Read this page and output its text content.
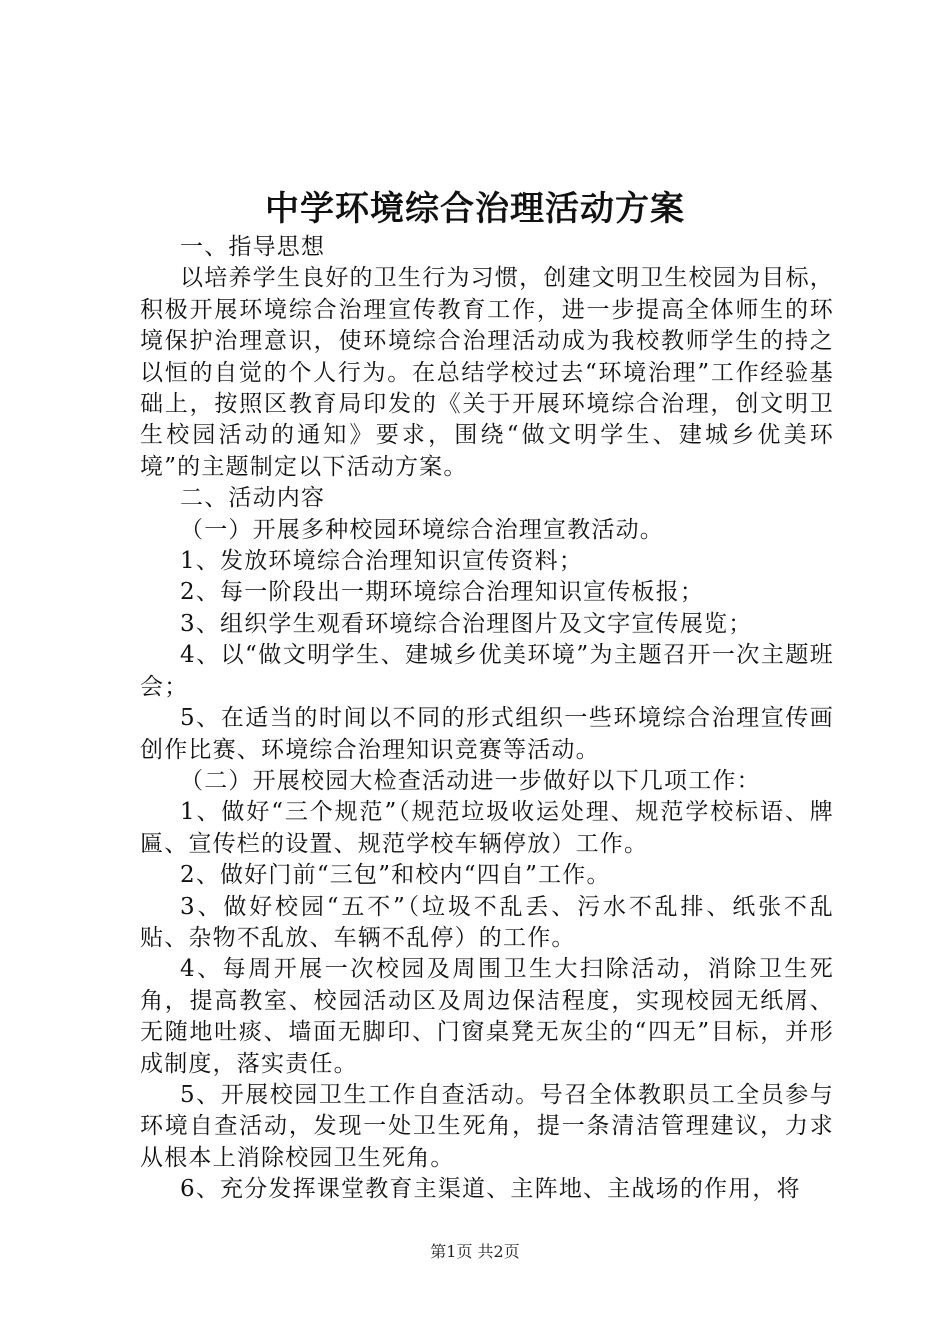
中学环境综合治理活动方案

一、指导思想

以培养学生良好的卫生行为习惯，创建文明卫生校园为目标，积极开展环境综合治理宣传教育工作，进一步提高全体师生的环境保护治理意识，使环境综合治理活动成为我校教师学生的持之以恒的自觉的个人行为。在总结学校过去“环境治理”工作经验基础上，按照区教育局印发的《关于开展环境综合治理，创文明卫生校园活动的通知》要求，围绕“做文明学生、建城乡优美环境”的主题制定以下活动方案。

二、活动内容

（一）开展多种校园环境综合治理宣教活动。

1、发放环境综合治理知识宣传资料；

2、每一阶段出一期环境综合治理知识宣传板报；

3、组织学生观看环境综合治理图片及文字宣传展览；

4、以“做文明学生、建城乡优美环境”为主题召开一次主题班会；

5、在适当的时间以不同的形式组织一些环境综合治理宣传画创作比赛、环境综合治理知识竞赛等活动。

（二）开展校园大检查活动进一步做好以下几项工作：

1、做好“三个规范”（规范垃圾收运处理、规范学校标语、牌匾、宣传栏的设置、规范学校车辆停放）工作。

2、做好门前“三包”和校内“四自”工作。

3、做好校园“五不”（垃圾不乱丢、污水不乱排、纸张不乱贴、杂物不乱放、车辆不乱停）的工作。

4、每周开展一次校园及周围卫生大扫除活动，消除卫生死角，提高教室、校园活动区及周边保洁程度，实现校园无纸屑、无随地吐痰、墙面无脚印、门窗桌凳无灰尘的“四无”目标，并形成制度，落实责任。

5、开展校园卫生工作自查活动。号召全体教职员工全员参与环境自查活动，发现一处卫生死角，提一条清洁管理建议，力求从根本上消除校园卫生死角。

6、充分发挥课堂教育主渠道、主阵地、主战场的作用，将

第1页 共2页
